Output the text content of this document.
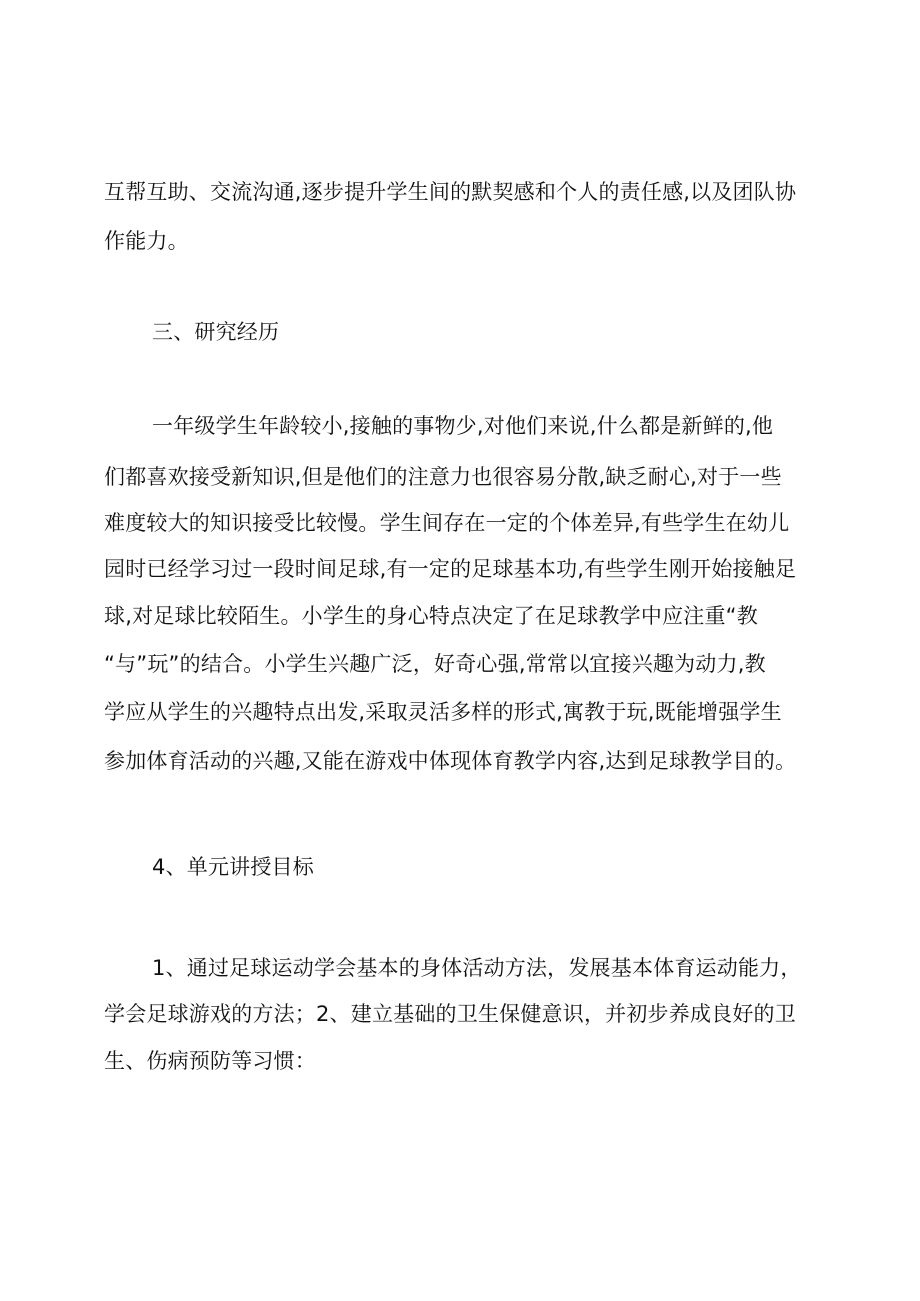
互帮互助、交流沟通,逐步提升学生间的默契感和个人的责任感,以及团队协
作能力。
三、研究经历
一年级学生年龄较小,接触的事物少,对他们来说,什么都是新鲜的,他
们都喜欢接受新知识,但是他们的注意力也很容易分散,缺乏耐心,对于一些
难度较大的知识接受比较慢。学生间存在一定的个体差异,有些学生在幼儿
园时已经学习过一段时间足球,有一定的足球基本功,有些学生刚开始接触足
球,对足球比较陌生。小学生的身心特点决定了在足球教学中应注重“教
“与”玩”的结合。小学生兴趣广泛，好奇心强,常常以宜接兴趣为动力,教
学应从学生的兴趣特点出发,采取灵活多样的形式,寓教于玩,既能增强学生
参加体育活动的兴趣,又能在游戏中体现体育教学内容,达到足球教学目的。
4、单元讲授目标
1、通过足球运动学会基本的身体活动方法，发展基本体育运动能力，
学会足球游戏的方法；2、建立基础的卫生保健意识，并初步养成良好的卫
生、伤病预防等习惯：
